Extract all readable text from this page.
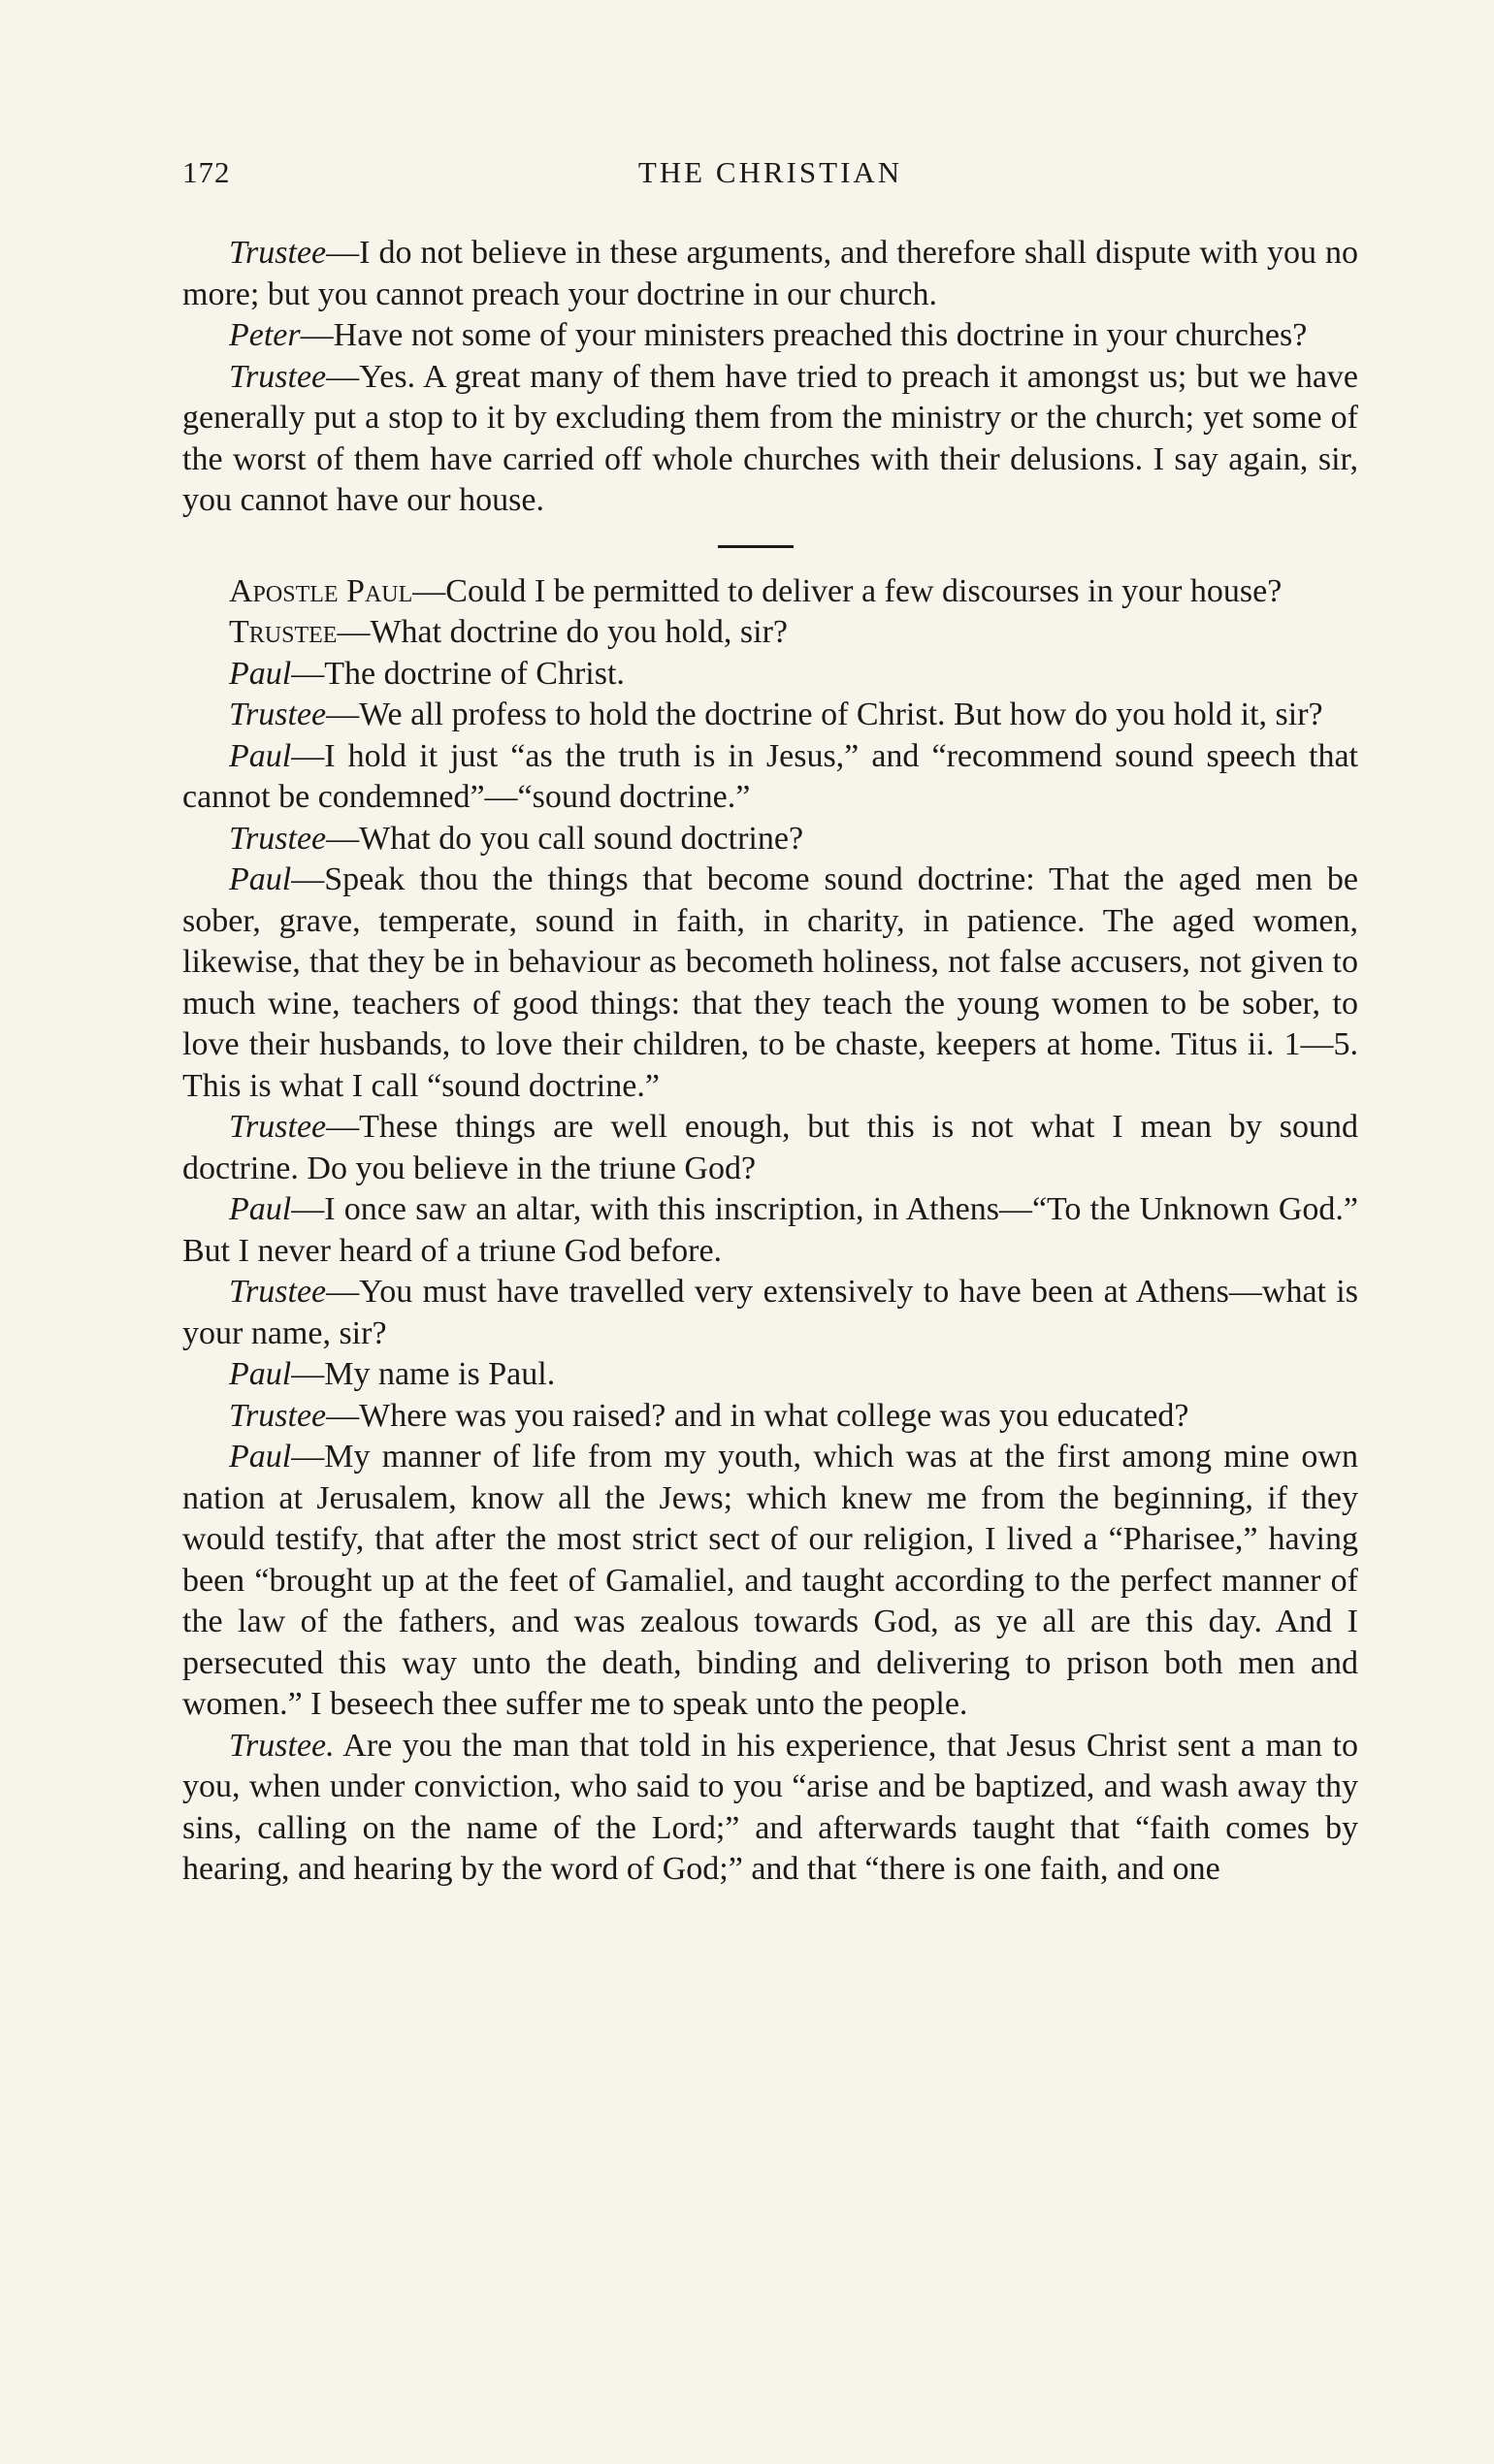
172	THE CHRISTIAN

Trustee—I do not believe in these arguments, and therefore shall dispute with you no more; but you cannot preach your doctrine in our church.

Peter—Have not some of your ministers preached this doctrine in your churches?

Trustee—Yes. A great many of them have tried to preach it amongst us; but we have generally put a stop to it by excluding them from the ministry or the church; yet some of the worst of them have carried off whole churches with their delusions. I say again, sir, you cannot have our house.

Apostle Paul—Could I be permitted to deliver a few discourses in your house?

Trustee—What doctrine do you hold, sir?

Paul—The doctrine of Christ.

Trustee—We all profess to hold the doctrine of Christ. But how do you hold it, sir?

Paul—I hold it just “as the truth is in Jesus,” and “recommend sound speech that cannot be condemned”—“sound doctrine.”

Trustee—What do you call sound doctrine?

Paul—Speak thou the things that become sound doctrine: That the aged men be sober, grave, temperate, sound in faith, in charity, in patience. The aged women, likewise, that they be in behaviour as becometh holiness, not false accusers, not given to much wine, teachers of good things: that they teach the young women to be sober, to love their husbands, to love their children, to be chaste, keepers at home. Titus ii. 1—5. This is what I call “sound doctrine.”

Trustee—These things are well enough, but this is not what I mean by sound doctrine. Do you believe in the triune God?

Paul—I once saw an altar, with this inscription, in Athens—“To the Unknown God.” But I never heard of a triune God before.

Trustee—You must have travelled very extensively to have been at Athens—what is your name, sir?

Paul—My name is Paul.

Trustee—Where was you raised? and in what college was you educated?

Paul—My manner of life from my youth, which was at the first among mine own nation at Jerusalem, know all the Jews; which knew me from the beginning, if they would testify, that after the most strict sect of our religion, I lived a “Pharisee,” having been “brought up at the feet of Gamaliel, and taught according to the perfect manner of the law of the fathers, and was zealous towards God, as ye all are this day. And I persecuted this way unto the death, binding and delivering to prison both men and women.” I beseech thee suffer me to speak unto the people.

Trustee. Are you the man that told in his experience, that Jesus Christ sent a man to you, when under conviction, who said to you “arise and be baptized, and wash away thy sins, calling on the name of the Lord;” and afterwards taught that “faith comes by hearing, and hearing by the word of God;” and that “there is one faith, and one
